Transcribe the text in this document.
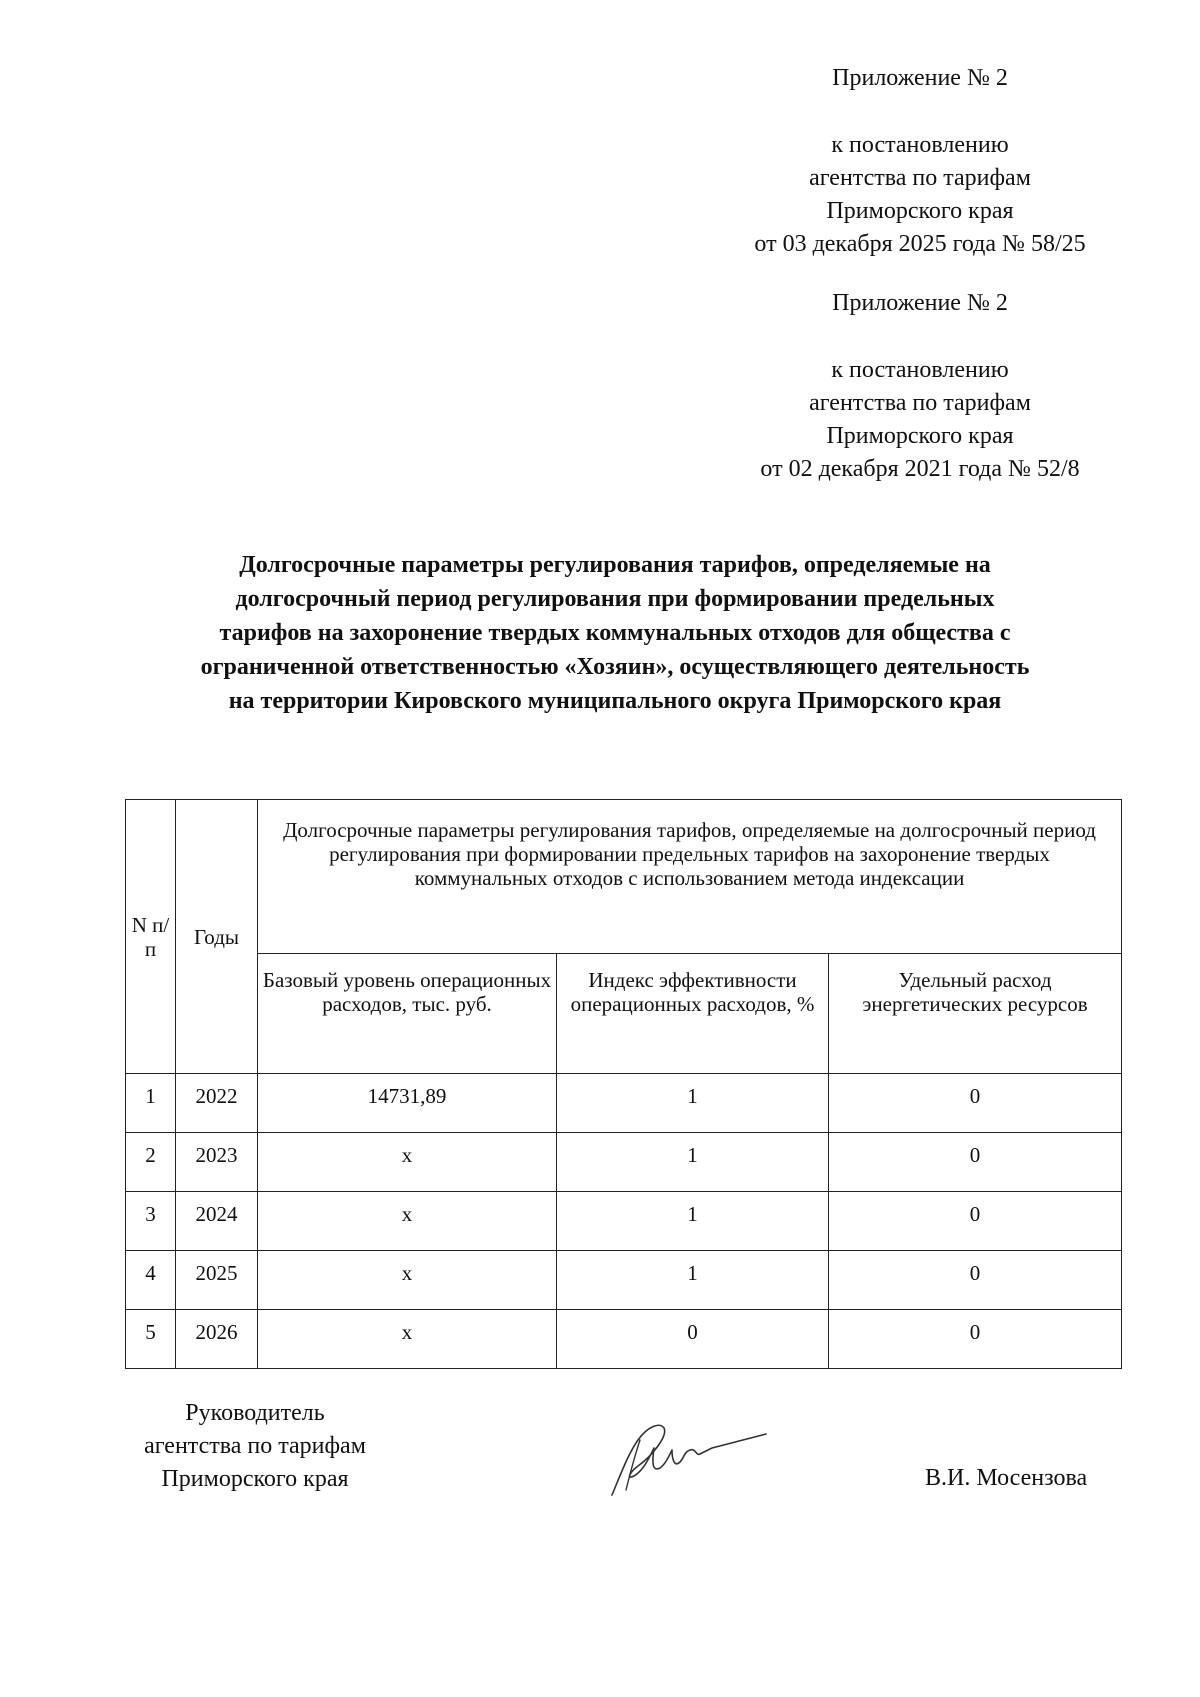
Приложение № 2

к постановлению

агентства по тарифам

Приморского края

от 03 декабря 2025 года № 58/25

Приложение № 2

к постановлению

агентства по тарифам

Приморского края

от 02 декабря 2021 года № 52/8

Долгосрочные параметры регулирования тарифов, определяемые на долгосрочный период регулирования при формировании предельных тарифов на захоронение твердых коммунальных отходов для общества с ограниченной ответственностью «Хозяин», осуществляющего деятельность на территории Кировского муниципального округа Приморского края

N п/п	Годы	Долгосрочные параметры регулирования тарифов, определяемые на долгосрочный период регулирования при формировании предельных тарифов на захоронение твердых коммунальных отходов с использованием метода индексации		
		Базовый уровень операционных расходов, тыс. руб.	Индекс эффективности операционных расходов, %	Удельный расход энергетических ресурсов
1	2022	14731,89	1	0
2	2023	x	1	0
3	2024	x	1	0
4	2025	x	1	0
5	2026	x	0	0

Руководитель

агентства по тарифам

Приморского края	В.И. Мосензова
